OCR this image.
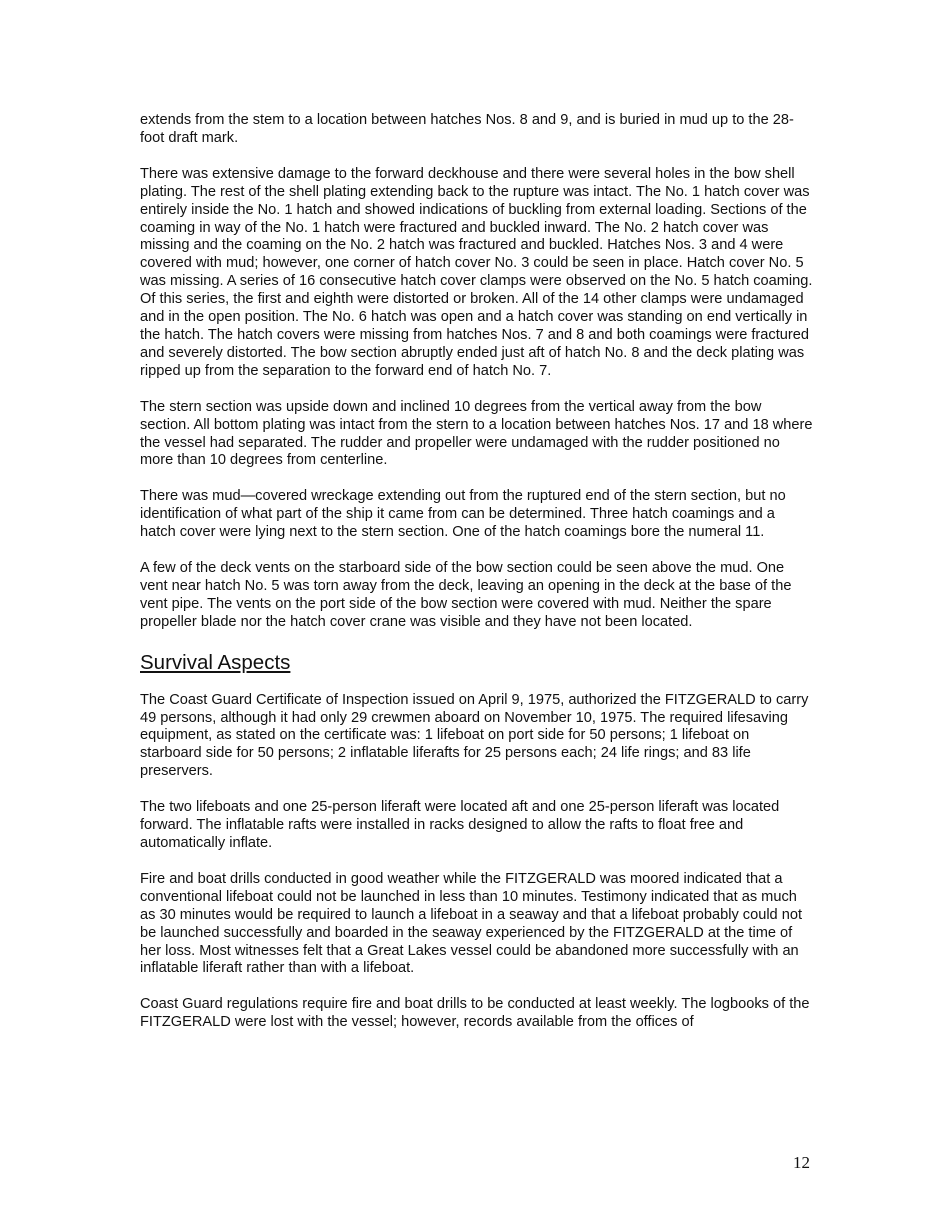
extends from the stem to a location between hatches Nos. 8 and 9, and is buried in mud up to the 28-foot draft mark.

There was extensive damage to the forward deckhouse and there were several holes in the bow shell plating. The rest of the shell plating extending back to the rupture was intact. The No. 1 hatch cover was entirely inside the No. 1 hatch and showed indications of buckling from external loading. Sections of the coaming in way of the No. 1 hatch were fractured and buckled inward. The No. 2 hatch cover was missing and the coaming on the No. 2 hatch was fractured and buckled. Hatches Nos. 3 and 4 were covered with mud; however, one corner of hatch cover No. 3 could be seen in place. Hatch cover No. 5 was missing. A series of 16 consecutive hatch cover clamps were observed on the No. 5 hatch coaming. Of this series, the first and eighth were distorted or broken. All of the 14 other clamps were undamaged and in the open position. The No. 6 hatch was open and a hatch cover was standing on end vertically in the hatch. The hatch covers were missing from hatches Nos. 7 and 8 and both coamings were fractured and severely distorted. The bow section abruptly ended just aft of hatch No. 8 and the deck plating was ripped up from the separation to the forward end of hatch No. 7.

The stern section was upside down and inclined 10 degrees from the vertical away from the bow section. All bottom plating was intact from the stern to a location between hatches Nos. 17 and 18 where the vessel had separated. The rudder and propeller were undamaged with the rudder positioned no more than 10 degrees from centerline.

There was mud—covered wreckage extending out from the ruptured end of the stern section, but no identification of what part of the ship it came from can be determined. Three hatch coamings and a hatch cover were lying next to the stern section. One of the hatch coamings bore the numeral 11.

A few of the deck vents on the starboard side of the bow section could be seen above the mud. One vent near hatch No. 5 was torn away from the deck, leaving an opening in the deck at the base of the vent pipe. The vents on the port side of the bow section were covered with mud. Neither the spare propeller blade nor the hatch cover crane was visible and they have not been located.

Survival Aspects

The Coast Guard Certificate of Inspection issued on April 9, 1975, authorized the FITZGERALD to carry 49 persons, although it had only 29 crewmen aboard on November 10, 1975. The required lifesaving equipment, as stated on the certificate was: 1 lifeboat on port side for 50 persons; 1 lifeboat on starboard side for 50 persons; 2 inflatable liferafts for 25 persons each; 24 life rings; and 83 life preservers.

The two lifeboats and one 25-person liferaft were located aft and one 25-person liferaft was located forward. The inflatable rafts were installed in racks designed to allow the rafts to float free and automatically inflate.

Fire and boat drills conducted in good weather while the FITZGERALD was moored indicated that a conventional lifeboat could not be launched in less than 10 minutes. Testimony indicated that as much as 30 minutes would be required to launch a lifeboat in a seaway and that a lifeboat probably could not be launched successfully and boarded in the seaway experienced by the FITZGERALD at the time of her loss. Most witnesses felt that a Great Lakes vessel could be abandoned more successfully with an inflatable liferaft rather than with a lifeboat.

Coast Guard regulations require fire and boat drills to be conducted at least weekly. The logbooks of the FITZGERALD were lost with the vessel; however, records available from the offices of

12
